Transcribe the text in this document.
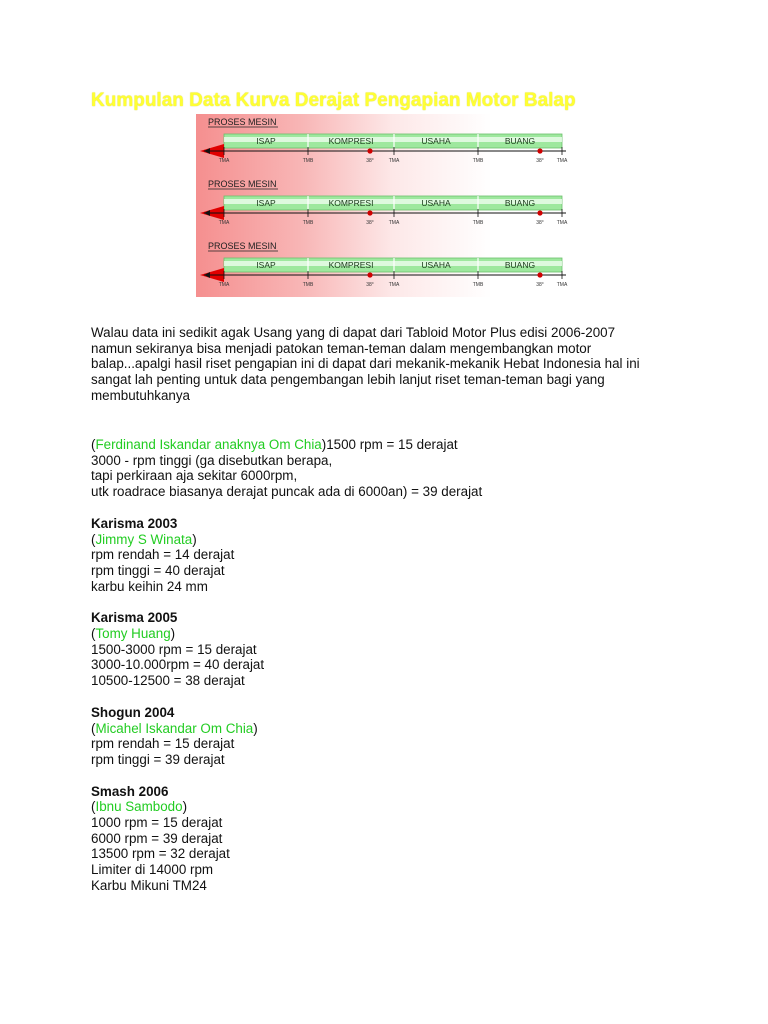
Kumpulan Data Kurva Derajat Pengapian Motor Balap
PROSES MESIN
ISAP	KOMPRESI	USAHA	BUANG
TMA	TMB	38°	TMA	TMB	38°	TMA
PROSES MESIN
ISAP	KOMPRESI	USAHA	BUANG
TMA	TMB	38°	TMA	TMB	38°	TMA
PROSES MESIN
ISAP	KOMPRESI	USAHA	BUANG
TMA	TMB	38°	TMA	TMB	38°	TMA

Walau data ini sedikit agak Usang yang di dapat dari Tabloid Motor Plus edisi 2006-2007

namun sekiranya bisa menjadi patokan teman-teman dalam mengembangkan motor

balap...apalgi hasil riset pengapian ini di dapat dari mekanik-mekanik Hebat Indonesia hal ini

sangat lah penting untuk data pengembangan lebih lanjut riset teman-teman bagi yang

membutuhkanya

(Ferdinand Iskandar anaknya Om Chia)1500 rpm = 15 derajat

3000 - rpm tinggi (ga disebutkan berapa,

tapi perkiraan aja sekitar 6000rpm,

utk roadrace biasanya derajat puncak ada di 6000an) = 39 derajat

Karisma 2003

(Jimmy S Winata)

rpm rendah = 14 derajat

rpm tinggi = 40 derajat

karbu keihin 24 mm

Karisma 2005

(Tomy Huang)

1500-3000 rpm = 15 derajat

3000-10.000rpm = 40 derajat

10500-12500 = 38 derajat

Shogun 2004

(Micahel Iskandar Om Chia)

rpm rendah = 15 derajat

rpm tinggi = 39 derajat

Smash 2006

(Ibnu Sambodo)

1000 rpm = 15 derajat

6000 rpm = 39 derajat

13500 rpm = 32 derajat

Limiter di 14000 rpm

Karbu Mikuni TM24
